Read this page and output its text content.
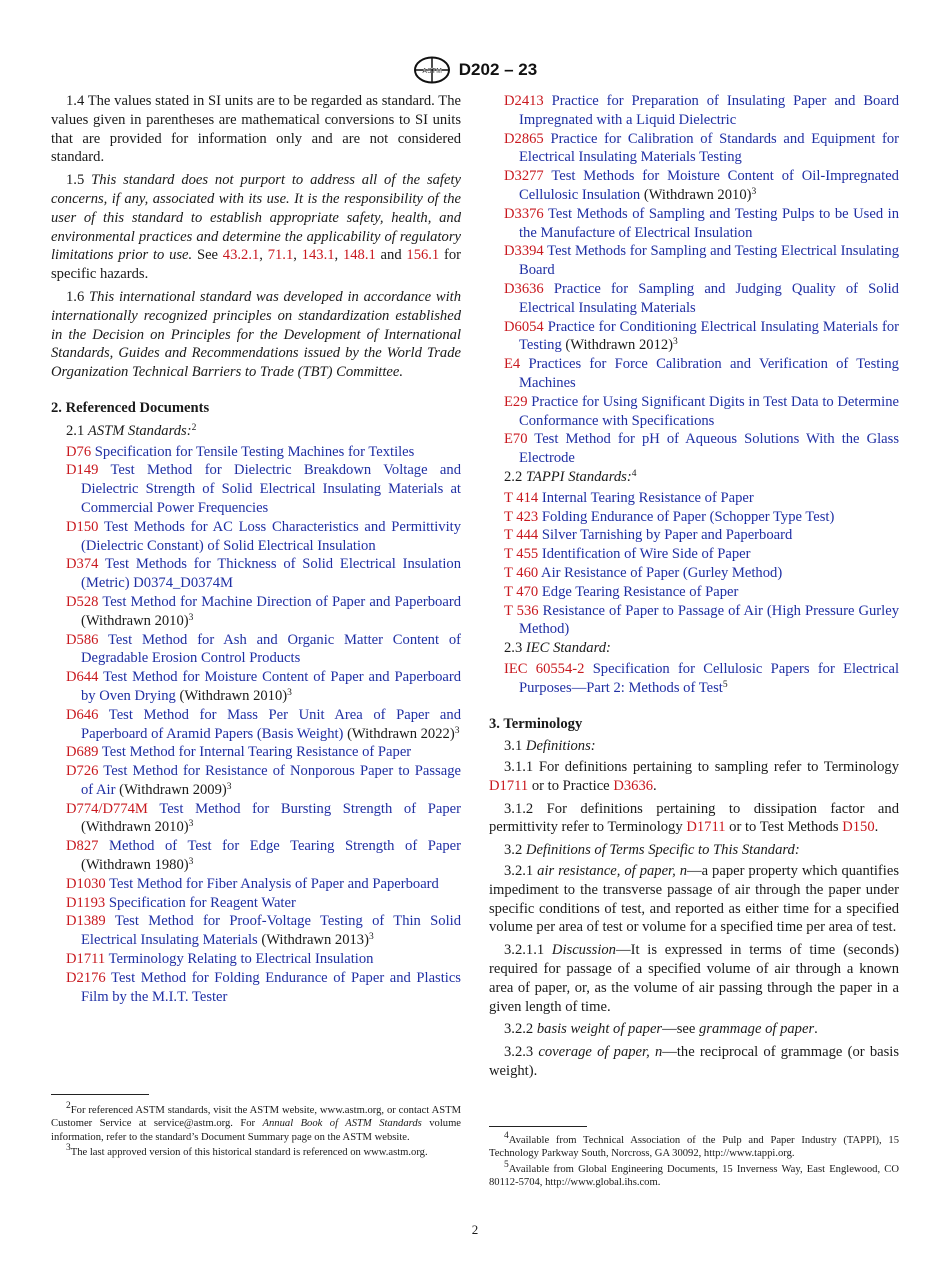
ASTM D202 – 23

1.4 The values stated in SI units are to be regarded as standard. The values given in parentheses are mathematical conversions to SI units that are provided for information only and are not considered standard.

1.5 This standard does not purport to address all of the safety concerns, if any, associated with its use. It is the responsibility of the user of this standard to establish appropriate safety, health, and environmental practices and determine the applicability of regulatory limitations prior to use. See 43.2.1, 71.1, 143.1, 148.1 and 156.1 for specific hazards.

1.6 This international standard was developed in accordance with internationally recognized principles on standardization established in the Decision on Principles for the Development of International Standards, Guides and Recommendations issued by the World Trade Organization Technical Barriers to Trade (TBT) Committee.

2. Referenced Documents

2.1 ASTM Standards:$^2$

D76 Specification for Tensile Testing Machines for Textiles

D149 Test Method for Dielectric Breakdown Voltage and Dielectric Strength of Solid Electrical Insulating Materials at Commercial Power Frequencies

D150 Test Methods for AC Loss Characteristics and Permittivity (Dielectric Constant) of Solid Electrical Insulation

D374 Test Methods for Thickness of Solid Electrical Insulation (Metric) D0374_D0374M

D528 Test Method for Machine Direction of Paper and Paperboard (Withdrawn 2010)$^3$

D586 Test Method for Ash and Organic Matter Content of Degradable Erosion Control Products

D644 Test Method for Moisture Content of Paper and Paperboard by Oven Drying (Withdrawn 2010)$^3$

D646 Test Method for Mass Per Unit Area of Paper and Paperboard of Aramid Papers (Basis Weight) (Withdrawn 2022)$^3$

D689 Test Method for Internal Tearing Resistance of Paper

D726 Test Method for Resistance of Nonporous Paper to Passage of Air (Withdrawn 2009)$^3$

D774/D774M Test Method for Bursting Strength of Paper (Withdrawn 2010)$^3$

D827 Method of Test for Edge Tearing Strength of Paper (Withdrawn 1980)$^3$

D1030 Test Method for Fiber Analysis of Paper and Paperboard

D1193 Specification for Reagent Water

D1389 Test Method for Proof-Voltage Testing of Thin Solid Electrical Insulating Materials (Withdrawn 2013)$^3$

D1711 Terminology Relating to Electrical Insulation

D2176 Test Method for Folding Endurance of Paper and Plastics Film by the M.I.T. Tester

$^2$For referenced ASTM standards, visit the ASTM website, www.astm.org, or contact ASTM Customer Service at service@astm.org. For Annual Book of ASTM Standards volume information, refer to the standard’s Document Summary page on the ASTM website.

$^3$The last approved version of this historical standard is referenced on www.astm.org.

D2413 Practice for Preparation of Insulating Paper and Board Impregnated with a Liquid Dielectric

D2865 Practice for Calibration of Standards and Equipment for Electrical Insulating Materials Testing

D3277 Test Methods for Moisture Content of Oil-Impregnated Cellulosic Insulation (Withdrawn 2010)$^3$

D3376 Test Methods of Sampling and Testing Pulps to be Used in the Manufacture of Electrical Insulation

D3394 Test Methods for Sampling and Testing Electrical Insulating Board

D3636 Practice for Sampling and Judging Quality of Solid Electrical Insulating Materials

D6054 Practice for Conditioning Electrical Insulating Materials for Testing (Withdrawn 2012)$^3$

E4 Practices for Force Calibration and Verification of Testing Machines

E29 Practice for Using Significant Digits in Test Data to Determine Conformance with Specifications

E70 Test Method for pH of Aqueous Solutions With the Glass Electrode

2.2 TAPPI Standards:$^4$

T 414 Internal Tearing Resistance of Paper

T 423 Folding Endurance of Paper (Schopper Type Test)

T 444 Silver Tarnishing by Paper and Paperboard

T 455 Identification of Wire Side of Paper

T 460 Air Resistance of Paper (Gurley Method)

T 470 Edge Tearing Resistance of Paper

T 536 Resistance of Paper to Passage of Air (High Pressure Gurley Method)

2.3 IEC Standard:

IEC 60554-2 Specification for Cellulosic Papers for Electrical Purposes—Part 2: Methods of Test$^5$

3. Terminology

3.1 Definitions:

3.1.1 For definitions pertaining to sampling refer to Terminology D1711 or to Practice D3636.

3.1.2 For definitions pertaining to dissipation factor and permittivity refer to Terminology D1711 or to Test Methods D150.

3.2 Definitions of Terms Specific to This Standard:

3.2.1 air resistance, of paper, n—a paper property which quantifies impediment to the transverse passage of air through the paper under specific conditions of test, and reported as either time for a specified volume per area of test or volume for a specified time per area of test.

3.2.1.1 Discussion—It is expressed in terms of time (seconds) required for passage of a specified volume of air through a known area of paper, or, as the volume of air passing through the paper in a given length of time.

3.2.2 basis weight of paper—see grammage of paper.

3.2.3 coverage of paper, n—the reciprocal of grammage (or basis weight).

$^4$Available from Technical Association of the Pulp and Paper Industry (TAPPI), 15 Technology Parkway South, Norcross, GA 30092, http://www.tappi.org.

$^5$Available from Global Engineering Documents, 15 Inverness Way, East Englewood, CO 80112-5704, http://www.global.ihs.com.

2
